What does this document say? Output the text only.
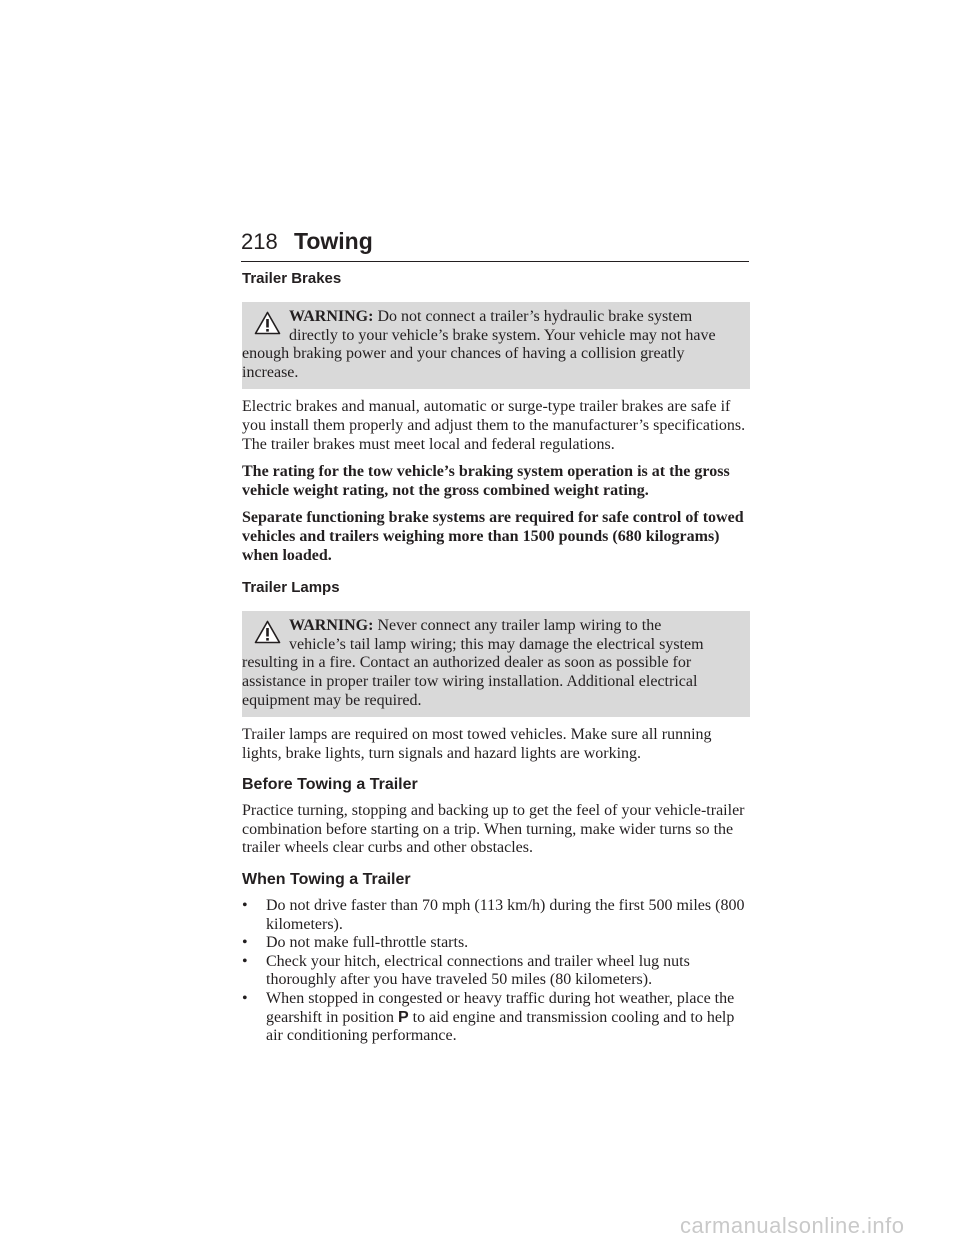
218 Towing
Trailer Brakes
WARNING: Do not connect a trailer’s hydraulic brake system
directly to your vehicle’s brake system. Your vehicle may not have
enough braking power and your chances of having a collision greatly increase.

Electric brakes and manual, automatic or surge-type trailer brakes are safe if you install them properly and adjust them to the manufacturer’s specifications. The trailer brakes must meet local and federal regulations.

The rating for the tow vehicle’s braking system operation is at the gross vehicle weight rating, not the gross combined weight rating.

Separate functioning brake systems are required for safe control of towed vehicles and trailers weighing more than 1500 pounds (680 kilograms) when loaded.

Trailer Lamps
WARNING: Never connect any trailer lamp wiring to the
vehicle’s tail lamp wiring; this may damage the electrical system
resulting in a fire. Contact an authorized dealer as soon as possible for assistance in proper trailer tow wiring installation. Additional electrical equipment may be required.

Trailer lamps are required on most towed vehicles. Make sure all running lights, brake lights, turn signals and hazard lights are working.

Before Towing a Trailer

Practice turning, stopping and backing up to get the feel of your vehicle-trailer combination before starting on a trip. When turning, make wider turns so the trailer wheels clear curbs and other obstacles.

When Towing a Trailer
• Do not drive faster than 70 mph (113 km/h) during the first 500 miles (800 kilometers).
• Do not make full-throttle starts.
• Check your hitch, electrical connections and trailer wheel lug nuts thoroughly after you have traveled 50 miles (80 kilometers).
• When stopped in congested or heavy traffic during hot weather, place the gearshift in position P to aid engine and transmission cooling and to help air conditioning performance.
carmanualsonline.info
